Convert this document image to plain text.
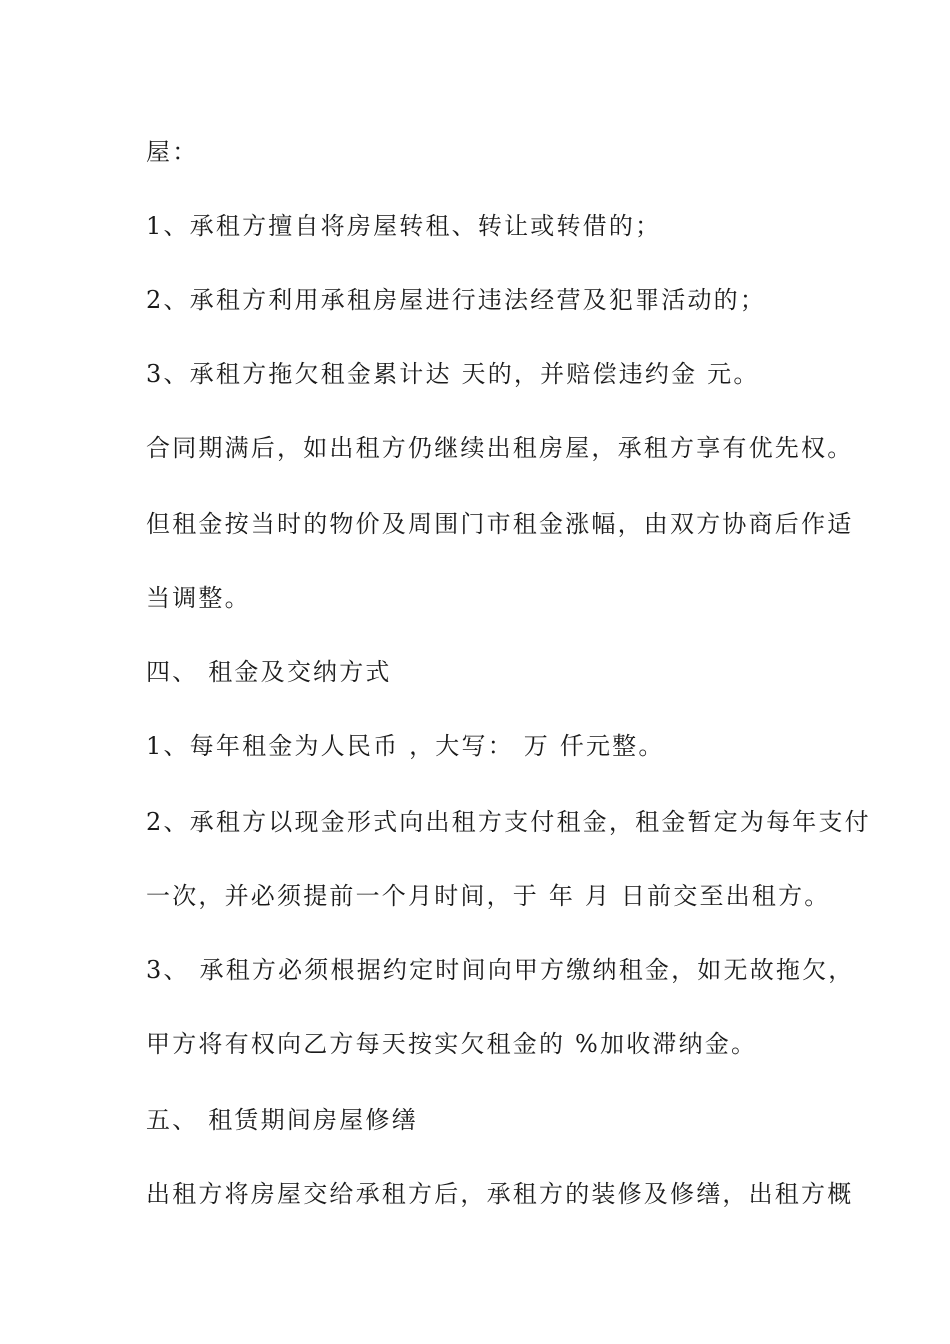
屋：
1、承租方擅自将房屋转租、转让或转借的；
2、承租方利用承租房屋进行违法经营及犯罪活动的；
3、承租方拖欠租金累计达 天的，并赔偿违约金 元。
合同期满后，如出租方仍继续出租房屋，承租方享有优先权。
但租金按当时的物价及周围门市租金涨幅，由双方协商后作适
当调整。
四、 租金及交纳方式
1、每年租金为人民币 ，大写： 万 仟元整。
2、承租方以现金形式向出租方支付租金，租金暂定为每年支付
一次，并必须提前一个月时间，于 年 月 日前交至出租方。
3、 承租方必须根据约定时间向甲方缴纳租金，如无故拖欠，
甲方将有权向乙方每天按实欠租金的 %加收滞纳金。
五、 租赁期间房屋修缮
出租方将房屋交给承租方后，承租方的装修及修缮，出租方概
